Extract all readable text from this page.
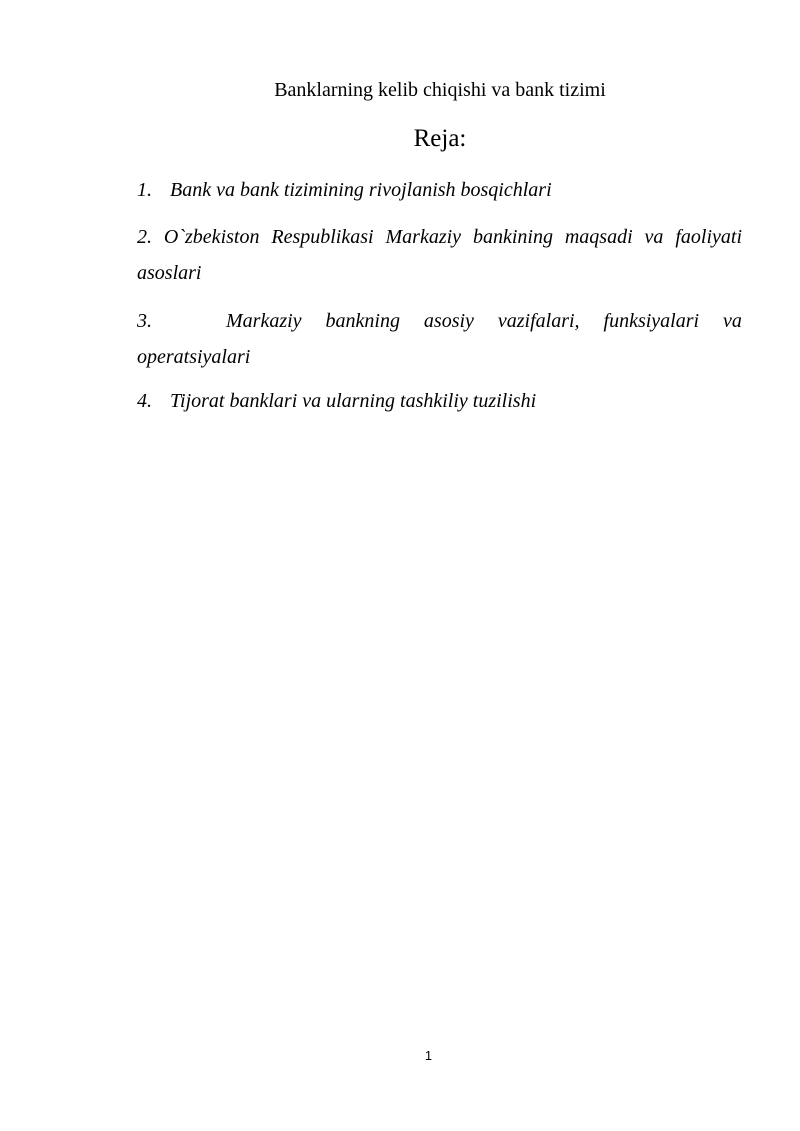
Banklarning kelib chiqishi va bank tizimi
Reja:
1. Bank va bank tizimining rivojlanish bosqichlari
2. O`zbekiston Respublikasi Markaziy bankining maqsadi va faoliyati asoslari
3.	Markaziy bankning asosiy vazifalari, funksiyalari va
operatsiyalari
4. Tijorat banklari va ularning tashkiliy tuzilishi
1
